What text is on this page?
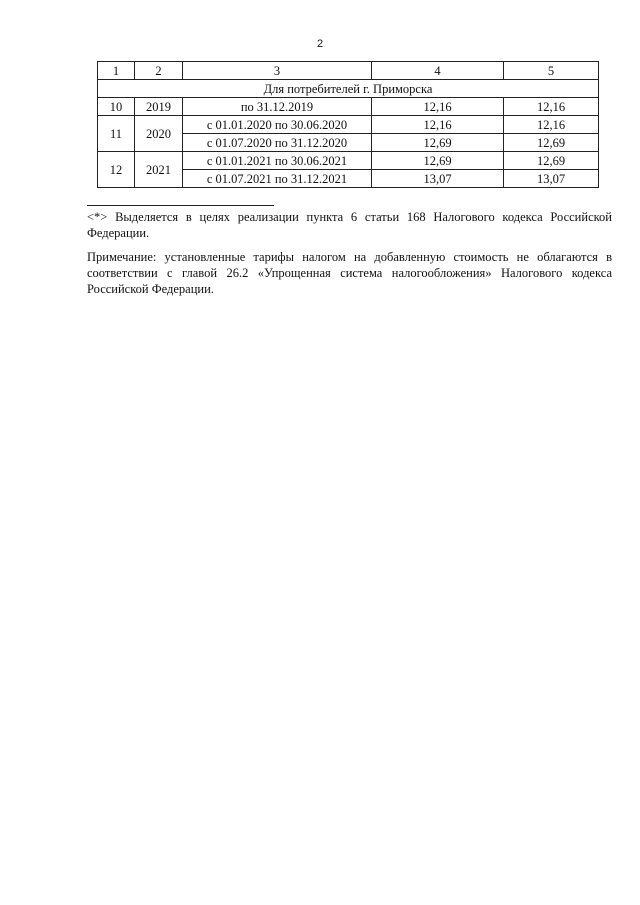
2
1	2	3	4	5
Для потребителей г. Приморска				
10	2019	по 31.12.2019	12,16	12,16
11	2020	с 01.01.2020 по 30.06.2020	12,16	12,16
		с 01.07.2020 по 31.12.2020	12,69	12,69
12	2021	с 01.01.2021 по 30.06.2021	12,69	12,69
		с 01.07.2021 по 31.12.2021	13,07	13,07

<*> Выделяется в целях реализации пункта 6 статьи 168 Налогового кодекса Российской Федерации.

Примечание: установленные тарифы налогом на добавленную стоимость не облагаются в соответствии с главой 26.2 «Упрощенная система налогообложения» Налогового кодекса Российской Федерации.
